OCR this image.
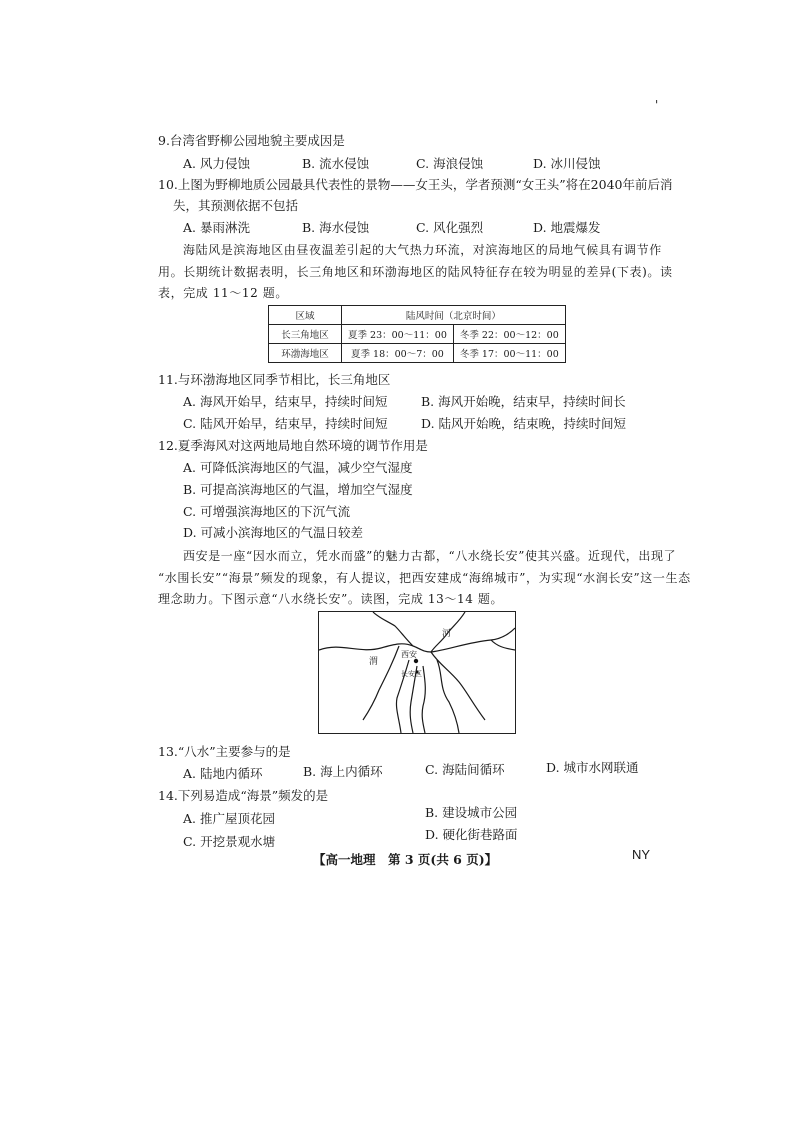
'
9.台湾省野柳公园地貌主要成因是
A. 风力侵蚀	B. 流水侵蚀	C. 海浪侵蚀	D. 冰川侵蚀
10.上图为野柳地质公园最具代表性的景物——女王头，学者预测“女王头”将在2040年前后消
失，其预测依据不包括
A. 暴雨淋洗	B. 海水侵蚀	C. 风化强烈	D. 地震爆发
海陆风是滨海地区由昼夜温差引起的大气热力环流，对滨海地区的局地气候具有调节作
用。长期统计数据表明，长三角地区和环渤海地区的陆风特征存在较为明显的差异(下表)。读
表，完成 11～12 题。
区域	陆风时间（北京时间）	
长三角地区	夏季 23：00～11：00	冬季 22：00～12：00
环渤海地区	夏季 18：00～7：00	冬季 17：00～11：00
11.与环渤海地区同季节相比，长三角地区
A. 海风开始早，结束早，持续时间短	B. 海风开始晚，结束早，持续时间长
C. 陆风开始早，结束早，持续时间短	D. 陆风开始晚，结束晚，持续时间短
12.夏季海风对这两地局地自然环境的调节作用是
A. 可降低滨海地区的气温，减少空气湿度
B. 可提高滨海地区的气温，增加空气湿度
C. 可增强滨海地区的下沉气流
D. 可减小滨海地区的气温日较差
西安是一座“因水而立，凭水而盛”的魅力古都，“八水绕长安”使其兴盛。近现代，出现了
“水围长安”“海景”频发的现象，有人提议，把西安建成“海绵城市”，为实现“水润长安”这一生态
理念助力。下图示意“八水绕长安”。读图，完成 13～14 题。
河
渭
西安
长安区
13.“八水”主要参与的是
A. 陆地内循环	B. 海上内循环	C. 海陆间循环	D. 城市水网联通
14.下列易造成“海景”频发的是
A. 推广屋顶花园	B. 建设城市公园
C. 开挖景观水塘	D. 硬化街巷路面
【高一地理　第 3 页(共 6 页)】	NY
